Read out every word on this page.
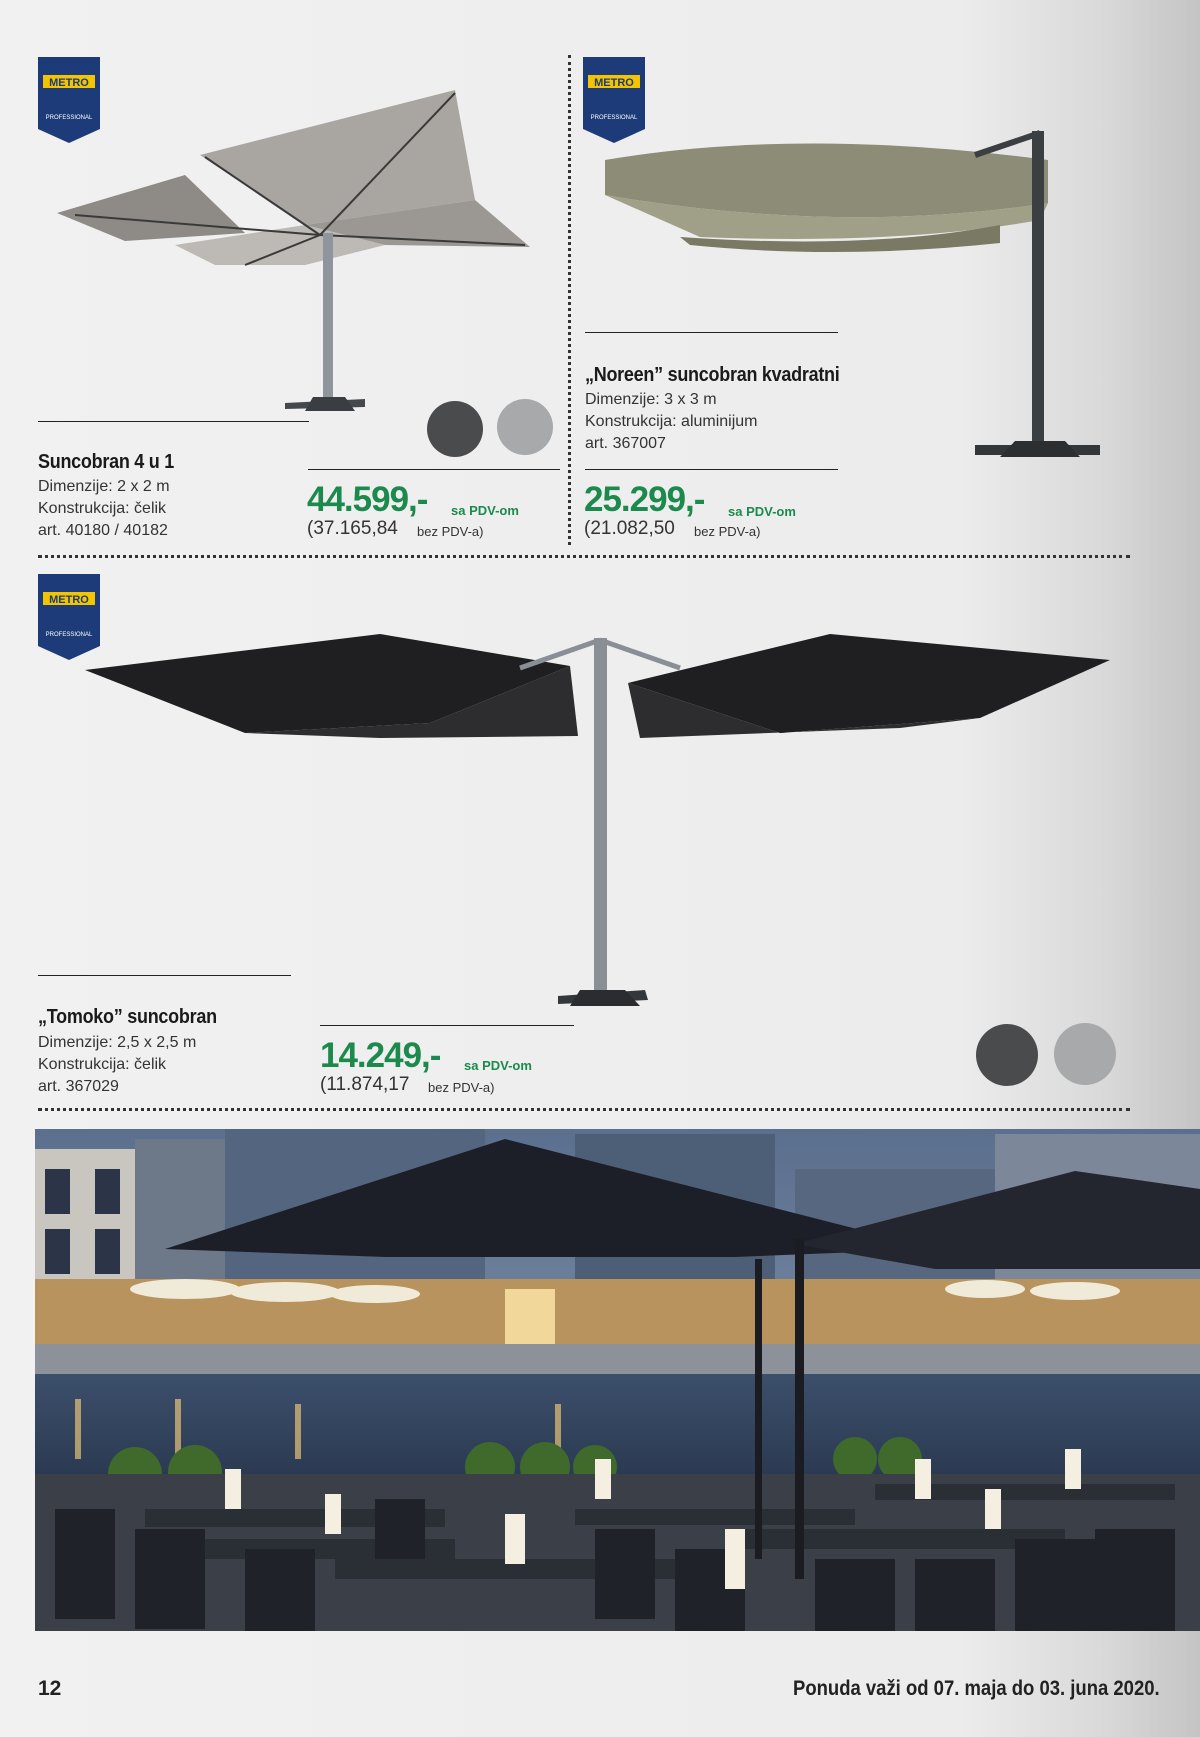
METRO
PROFESSIONAL
METRO
PROFESSIONAL
METRO
PROFESSIONAL
Suncobran 4 u 1
Dimenzije: 2 x 2 m
Konstrukcija: čelik
art. 40180 / 40182
44.599,- sa PDV-om
(37.165,84 bez PDV-a)
„Noreen” suncobran kvadratni
Dimenzije: 3 x 3 m
Konstrukcija: aluminijum
art. 367007
25.299,- sa PDV-om
(21.082,50 bez PDV-a)
„Tomoko” suncobran
Dimenzije: 2,5 x 2,5 m
Konstrukcija: čelik
art. 367029
14.249,- sa PDV-om
(11.874,17 bez PDV-a)
12	Ponuda važi od 07. maja do 03. juna 2020.
